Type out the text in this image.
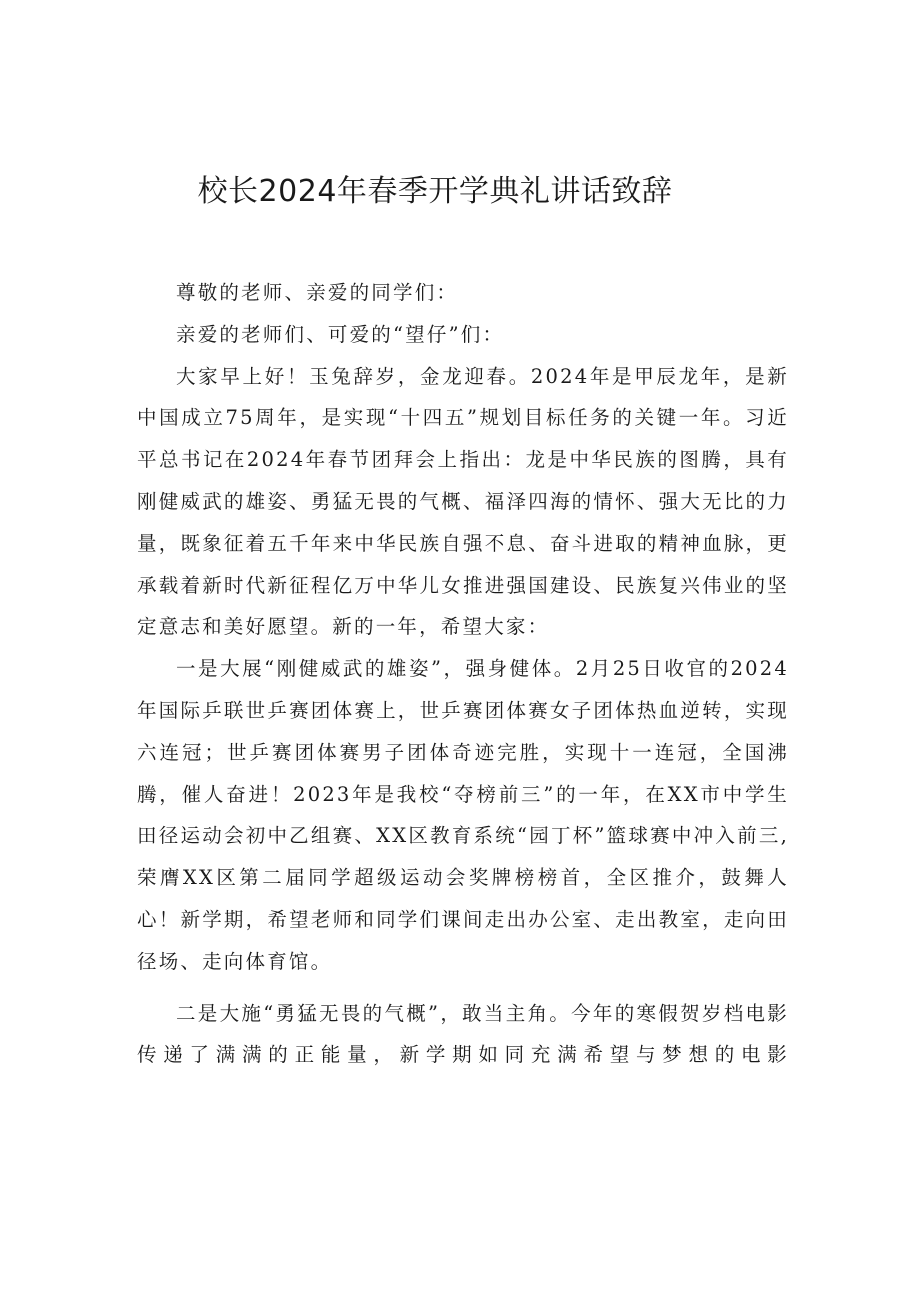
校长2024年春季开学典礼讲话致辞

尊敬的老师、亲爱的同学们：

亲爱的老师们、可爱的“望仔”们：

大家早上好！玉兔辞岁，金龙迎春。2024年是甲辰龙年，是新中国成立75周年，是实现“十四五”规划目标任务的关键一年。习近平总书记在2024年春节团拜会上指出：龙是中华民族的图腾，具有刚健威武的雄姿、勇猛无畏的气概、福泽四海的情怀、强大无比的力量，既象征着五千年来中华民族自强不息、奋斗进取的精神血脉，更承载着新时代新征程亿万中华儿女推进强国建设、民族复兴伟业的坚定意志和美好愿望。新的一年，希望大家：

一是大展“刚健威武的雄姿”，强身健体。2月25日收官的2024年国际乒联世乒赛团体赛上，世乒赛团体赛女子团体热血逆转，实现六连冠；世乒赛团体赛男子团体奇迹完胜，实现十一连冠，全国沸腾，催人奋进！2023年是我校“夺榜前三”的一年，在XX市中学生田径运动会初中乙组赛、XX区教育系统“园丁杯”篮球赛中冲入前三,荣膺XX区第二届同学超级运动会奖牌榜榜首，全区推介，鼓舞人心！新学期，希望老师和同学们课间走出办公室、走出教室，走向田径场、走向体育馆。

二是大施“勇猛无畏的气概”，敢当主角。今年的寒假贺岁档电影传递了满满的正能量，新学期如同充满希望与梦想的电影
